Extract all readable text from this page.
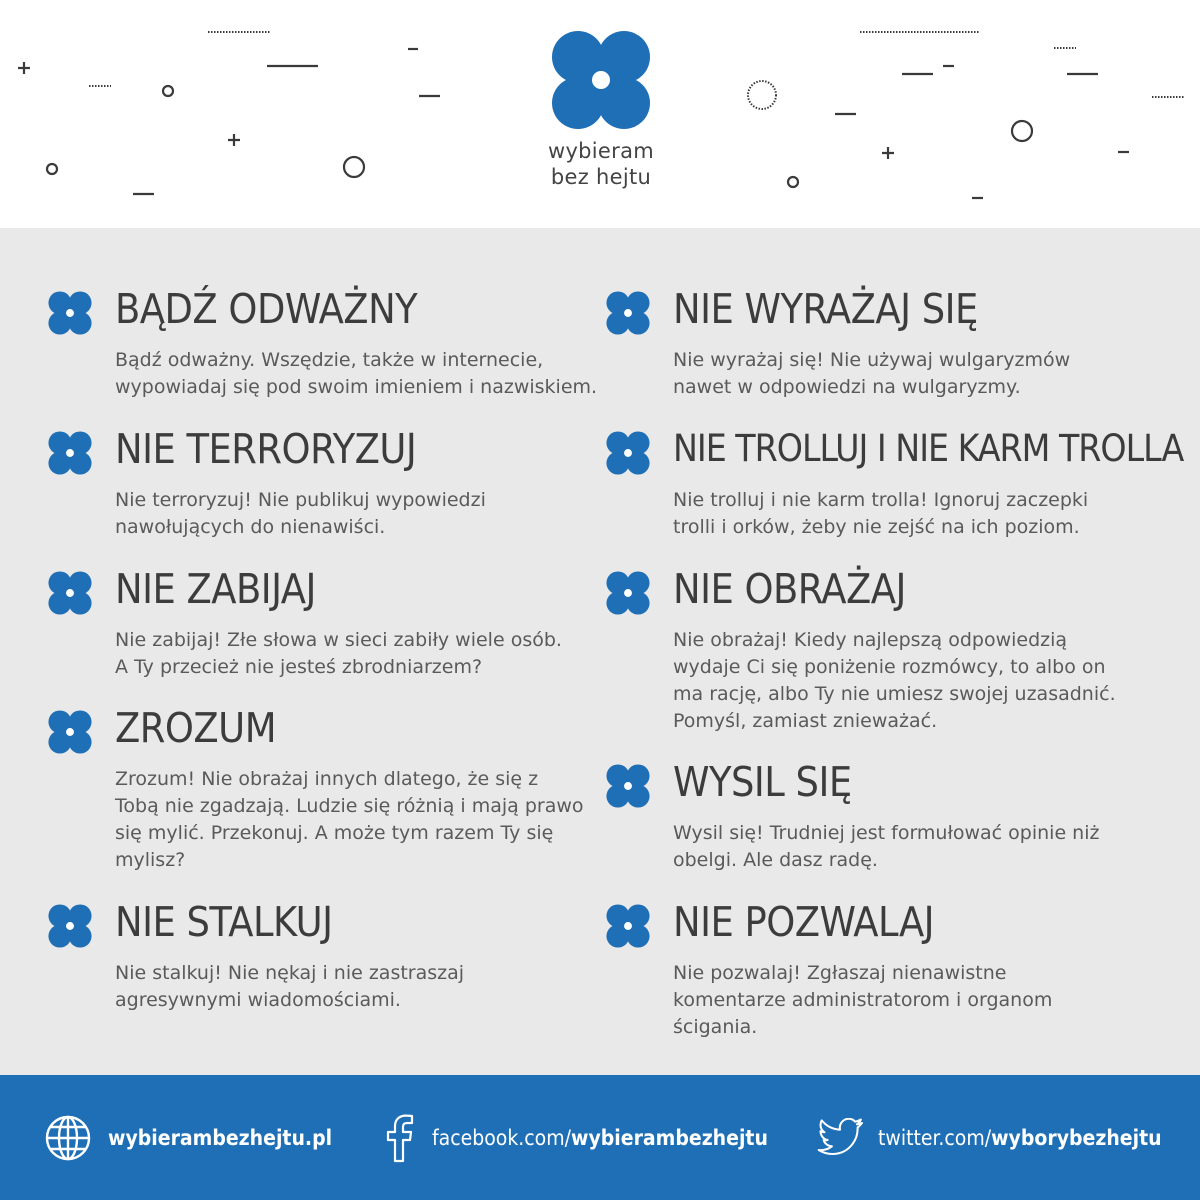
wybieram
bez hejtu
BĄDŹ ODWAŻNY

Bądź odważny. Wszędzie, także w internecie,
wypowiadaj się pod swoim imieniem i nazwiskiem.

NIE TERRORYZUJ

Nie terroryzuj! Nie publikuj wypowiedzi
nawołujących do nienawiści.

NIE ZABIJAJ

Nie zabijaj! Złe słowa w sieci zabiły wiele osób.
A Ty przecież nie jesteś zbrodniarzem?

ZROZUM

Zrozum! Nie obrażaj innych dlatego, że się z
Tobą nie zgadzają. Ludzie się różnią i mają prawo
się mylić. Przekonuj. A może tym razem Ty się
mylisz?

NIE STALKUJ

Nie stalkuj! Nie nękaj i nie zastraszaj
agresywnymi wiadomościami.

NIE WYRAŻAJ SIĘ

Nie wyrażaj się! Nie używaj wulgaryzmów
nawet w odpowiedzi na wulgaryzmy.

NIE TROLLUJ I NIE KARM TROLLA

Nie trolluj i nie karm trolla! Ignoruj zaczepki
trolli i orków, żeby nie zejść na ich poziom.

NIE OBRAŻAJ

Nie obrażaj! Kiedy najlepszą odpowiedzią
wydaje Ci się poniżenie rozmówcy, to albo on
ma rację, albo Ty nie umiesz swojej uzasadnić.
Pomyśl, zamiast znieważać.

WYSIL SIĘ

Wysil się! Trudniej jest formułować opinie niż
obelgi. Ale dasz radę.

NIE POZWALAJ

Nie pozwalaj! Zgłaszaj nienawistne
komentarze administratorom i organom
ścigania.

wybierambezhejtu.pl	facebook.com/wybierambezhejtu	twitter.com/wyborybezhejtu
